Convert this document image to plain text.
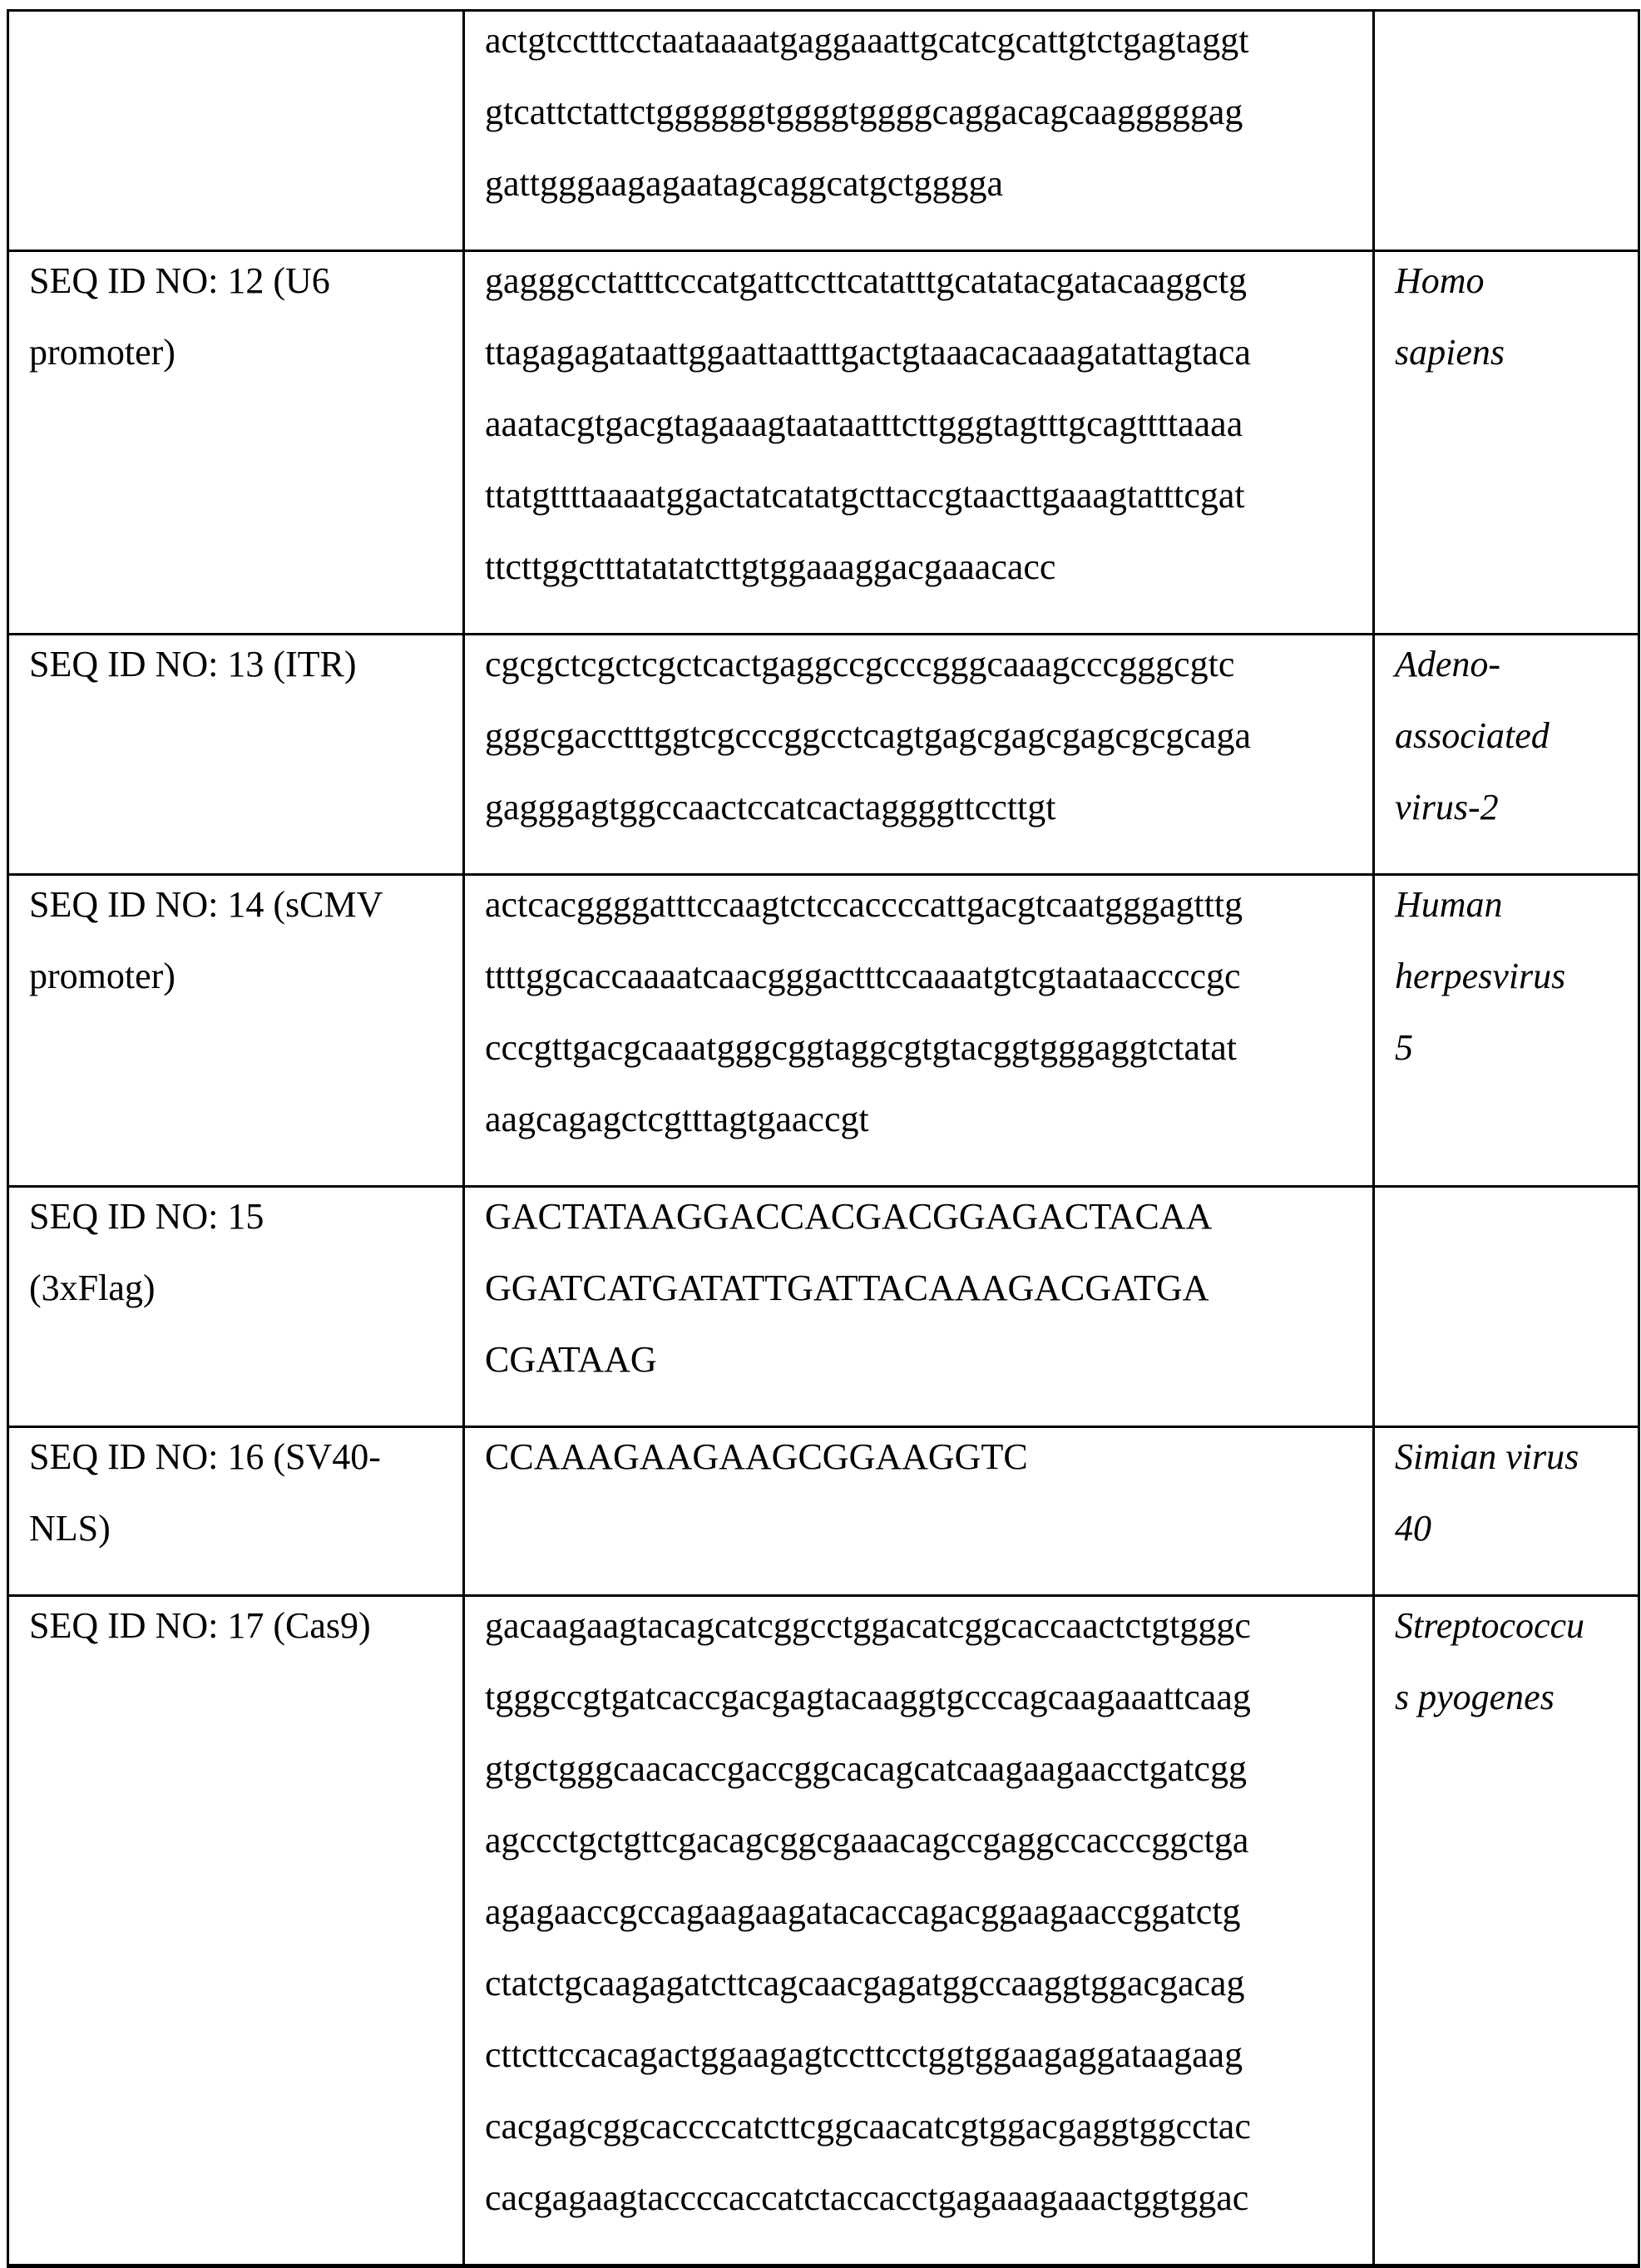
actgtcctttcctaataaaatgaggaaattgcatcgcattgtctgagtaggt
gtcattctattctggggggtggggtggggcaggacagcaagggggag
gattgggaagagaatagcaggcatgctgggga

SEQ ID NO: 12 (U6
promoter)

gagggcctatttcccatgattccttcatatttgcatatacgatacaaggctg
ttagagagataattggaattaatttgactgtaaacacaaagatattagtaca
aaatacgtgacgtagaaagtaataatttcttgggtagtttgcagttttaaaa
ttatgttttaaaatggactatcatatgcttaccgtaacttgaaagtatttcgat
ttcttggctttatatatcttgtggaaaggacgaaacacc

Homo
sapiens

SEQ ID NO: 13 (ITR)	cgcgctcgctcgctcactgaggccgcccgggcaaagcccgggcgtc
gggcgacctttggtcgcccggcctcagtgagcgagcgagcgcgcaga
gagggagtggccaactccatcactaggggttccttgt

Adeno-
associated
virus-2

SEQ ID NO: 14 (sCMV
promoter)

actcacggggatttccaagtctccaccccattgacgtcaatgggagtttg
ttttggcaccaaaatcaacgggactttccaaaatgtcgtaataaccccgc
cccgttgacgcaaatgggcggtaggcgtgtacggtgggaggtctatat
aagcagagctcgtttagtgaaccgt

Human
herpesvirus
5

SEQ ID NO: 15
(3xFlag)

GACTATAAGGACCACGACGGAGACTACAA
GGATCATGATATTGATTACAAAGACGATGA
CGATAAG

SEQ ID NO: 16 (SV40-
NLS)

CCAAAGAAGAAGCGGAAGGTC	Simian virus
40

SEQ ID NO: 17 (Cas9)	gacaagaagtacagcatcggcctggacatcggcaccaactctgtgggc
tgggccgtgatcaccgacgagtacaaggtgcccagcaagaaattcaag
gtgctgggcaacaccgaccggcacagcatcaagaagaacctgatcgg
agccctgctgttcgacagcggcgaaacagccgaggccacccggctga
agagaaccgccagaagaagatacaccagacggaagaaccggatctg
ctatctgcaagagatcttcagcaacgagatggccaaggtggacgacag
cttcttccacagactggaagagtccttcctggtggaagaggataagaag
cacgagcggcaccccatcttcggcaacatcgtggacgaggtggcctac
cacgagaagtaccccaccatctaccacctgagaaagaaactggtggac

Streptococcu
s pyogenes
